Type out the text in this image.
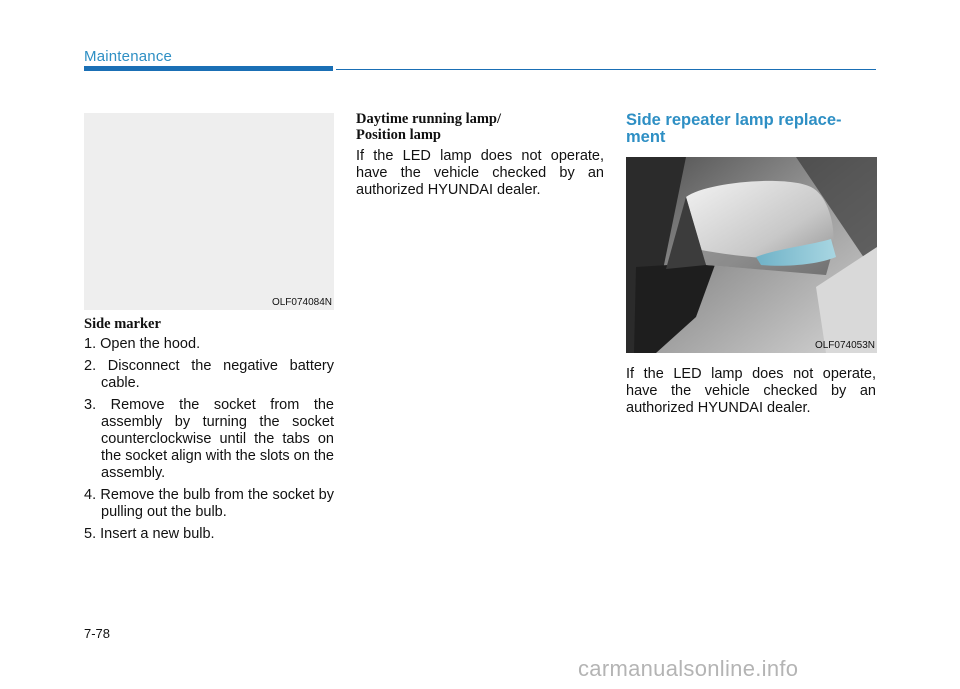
Maintenance
OLF074084N
Side marker
1. Open the hood.
2. Disconnect the negative battery cable.
3. Remove the socket from the assembly by turning the socket counterclockwise until the tabs on the socket align with the slots on the assembly.
4. Remove the bulb from the socket by pulling out the bulb.
5. Insert a new bulb.
Daytime running lamp/
Position lamp
If the LED lamp does not operate, have the vehicle checked by an authorized HYUNDAI dealer.
Side repeater lamp replace-
ment
OLF074053N
If the LED lamp does not operate, have the vehicle checked by an authorized HYUNDAI dealer.
7-78
carmanualsonline.info
